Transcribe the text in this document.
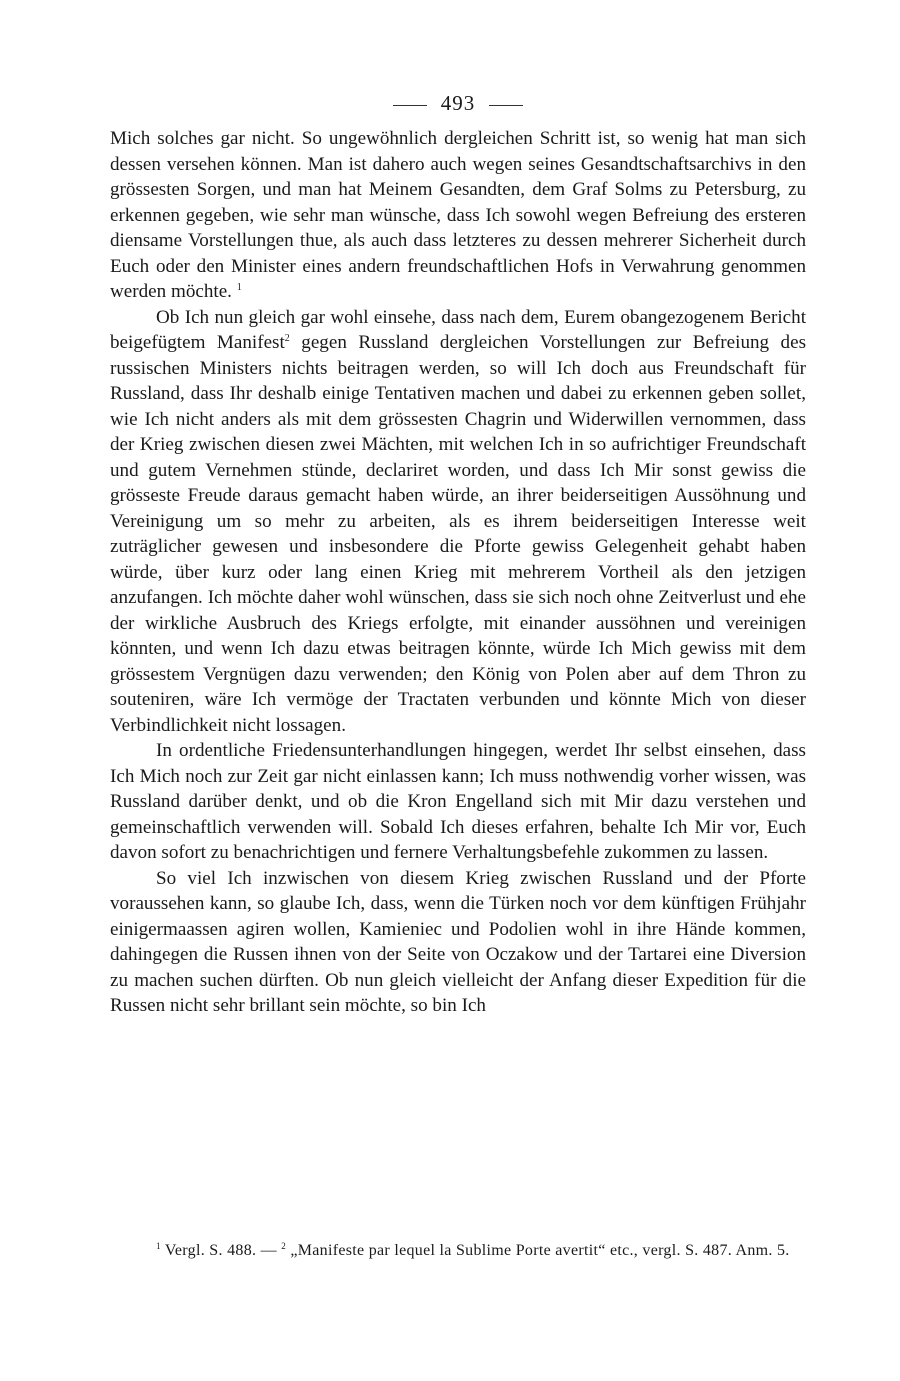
493

Mich solches gar nicht. So ungewöhnlich dergleichen Schritt ist, so wenig hat man sich dessen versehen können. Man ist dahero auch wegen seines Gesandtschaftsarchivs in den grössesten Sorgen, und man hat Meinem Gesandten, dem Graf Solms zu Petersburg, zu erkennen gegeben, wie sehr man wünsche, dass Ich sowohl wegen Befreiung des ersteren diensame Vorstellungen thue, als auch dass letzteres zu dessen mehrerer Sicherheit durch Euch oder den Minister eines andern freundschaftlichen Hofs in Verwahrung genommen werden möchte. $^1$

Ob Ich nun gleich gar wohl einsehe, dass nach dem, Eurem obangezogenem Bericht beigefügtem Manifest$^2$ gegen Russland dergleichen Vorstellungen zur Befreiung des russischen Ministers nichts beitragen werden, so will Ich doch aus Freundschaft für Russland, dass Ihr deshalb einige Tentativen machen und dabei zu erkennen geben sollet, wie Ich nicht anders als mit dem grössesten Chagrin und Widerwillen vernommen, dass der Krieg zwischen diesen zwei Mächten, mit welchen Ich in so aufrichtiger Freundschaft und gutem Vernehmen stünde, declariret worden, und dass Ich Mir sonst gewiss die grösseste Freude daraus gemacht haben würde, an ihrer beiderseitigen Aussöhnung und Vereinigung um so mehr zu arbeiten, als es ihrem beiderseitigen Interesse weit zuträglicher gewesen und insbesondere die Pforte gewiss Gelegenheit gehabt haben würde, über kurz oder lang einen Krieg mit mehrerem Vortheil als den jetzigen anzufangen. Ich möchte daher wohl wünschen, dass sie sich noch ohne Zeitverlust und ehe der wirkliche Ausbruch des Kriegs erfolgte, mit einander aussöhnen und vereinigen könnten, und wenn Ich dazu etwas beitragen könnte, würde Ich Mich gewiss mit dem grössestem Vergnügen dazu verwenden; den König von Polen aber auf dem Thron zu souteniren, wäre Ich vermöge der Tractaten verbunden und könnte Mich von dieser Verbindlichkeit nicht lossagen.

In ordentliche Friedensunterhandlungen hingegen, werdet Ihr selbst einsehen, dass Ich Mich noch zur Zeit gar nicht einlassen kann; Ich muss nothwendig vorher wissen, was Russland darüber denkt, und ob die Kron Engelland sich mit Mir dazu verstehen und gemeinschaftlich verwenden will. Sobald Ich dieses erfahren, behalte Ich Mir vor, Euch davon sofort zu benachrichtigen und fernere Verhaltungsbefehle zukommen zu lassen.

So viel Ich inzwischen von diesem Krieg zwischen Russland und der Pforte voraussehen kann, so glaube Ich, dass, wenn die Türken noch vor dem künftigen Frühjahr einigermaassen agiren wollen, Kamieniec und Podolien wohl in ihre Hände kommen, dahingegen die Russen ihnen von der Seite von Oczakow und der Tartarei eine Diversion zu machen suchen dürften. Ob nun gleich vielleicht der Anfang dieser Expedition für die Russen nicht sehr brillant sein möchte, so bin Ich

$^1$ Vergl. S. 488. — $^2$ „Manifeste par lequel la Sublime Porte avertit“ etc., vergl. S. 487. Anm. 5.
